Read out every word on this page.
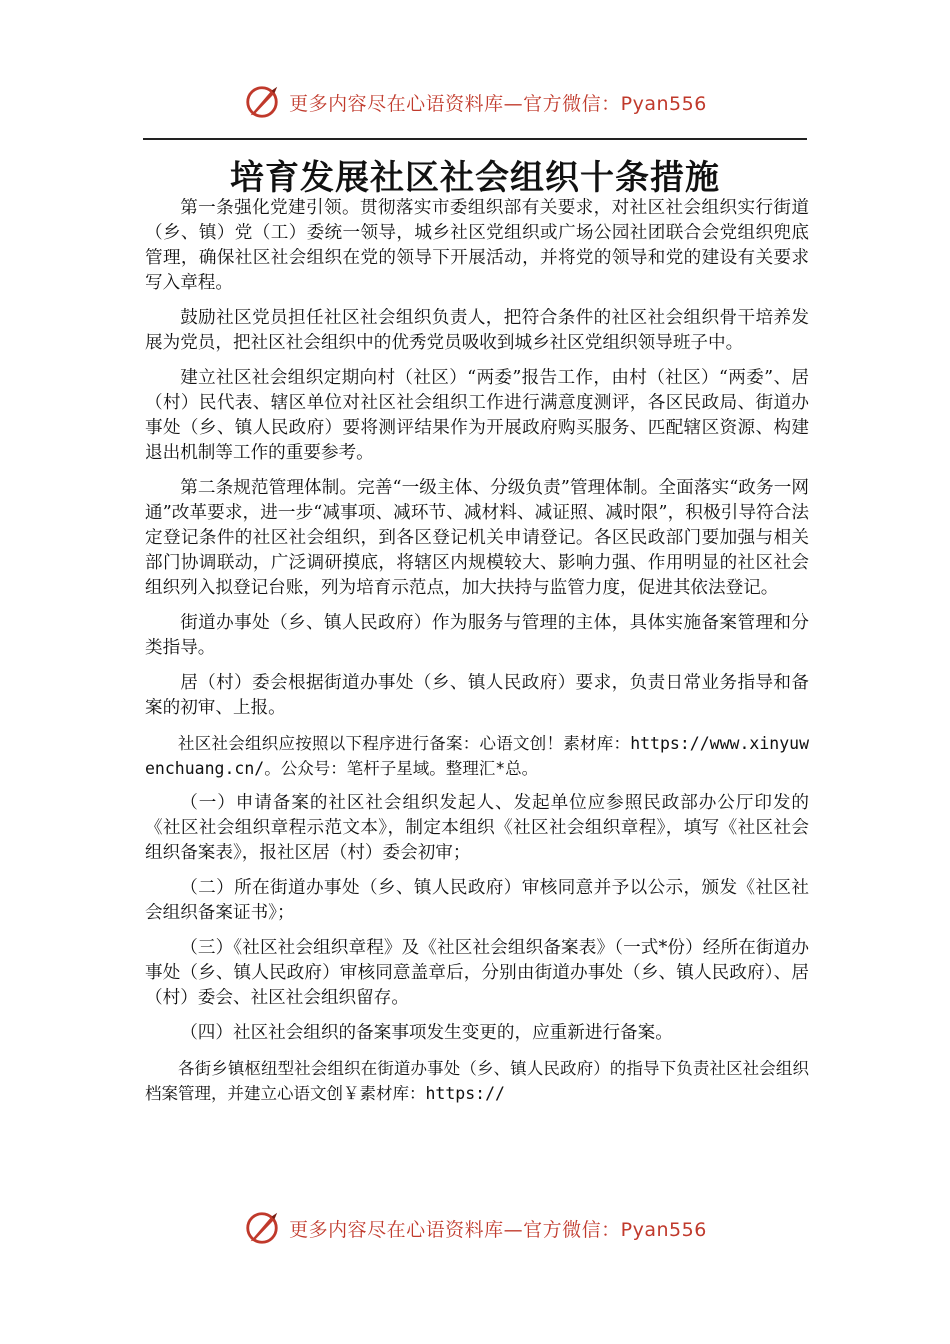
更多内容尽在心语资料库—官方微信：Pyan556
培育发展社区社会组织十条措施

第一条强化党建引领。贯彻落实市委组织部有关要求，对社区社会组织实行街道（乡、镇）党（工）委统一领导，城乡社区党组织或广场公园社团联合会党组织兜底管理，确保社区社会组织在党的领导下开展活动，并将党的领导和党的建设有关要求写入章程。

鼓励社区党员担任社区社会组织负责人，把符合条件的社区社会组织骨干培养发展为党员，把社区社会组织中的优秀党员吸收到城乡社区党组织领导班子中。

建立社区社会组织定期向村（社区）“两委”报告工作，由村（社区）“两委”、居（村）民代表、辖区单位对社区社会组织工作进行满意度测评，各区民政局、街道办事处（乡、镇人民政府）要将测评结果作为开展政府购买服务、匹配辖区资源、构建退出机制等工作的重要参考。

第二条规范管理体制。完善“一级主体、分级负责”管理体制。全面落实“政务一网通”改革要求，进一步“减事项、减环节、减材料、减证照、减时限”，积极引导符合法定登记条件的社区社会组织，到各区登记机关申请登记。各区民政部门要加强与相关部门协调联动，广泛调研摸底，将辖区内规模较大、影响力强、作用明显的社区社会组织列入拟登记台账，列为培育示范点，加大扶持与监管力度，促进其依法登记。

街道办事处（乡、镇人民政府）作为服务与管理的主体，具体实施备案管理和分类指导。

居（村）委会根据街道办事处（乡、镇人民政府）要求，负责日常业务指导和备案的初审、上报。

社区社会组织应按照以下程序进行备案：心语文创！素材库：https://www.xinyuwenchuang.cn/。公众号：笔杆子星域。整理汇*总。

（一）申请备案的社区社会组织发起人、发起单位应参照民政部办公厅印发的《社区社会组织章程示范文本》，制定本组织《社区社会组织章程》，填写《社区社会组织备案表》，报社区居（村）委会初审；

（二）所在街道办事处（乡、镇人民政府）审核同意并予以公示，颁发《社区社会组织备案证书》；

（三）《社区社会组织章程》及《社区社会组织备案表》（一式*份）经所在街道办事处（乡、镇人民政府）审核同意盖章后，分别由街道办事处（乡、镇人民政府）、居（村）委会、社区社会组织留存。

（四）社区社会组织的备案事项发生变更的，应重新进行备案。

各街乡镇枢纽型社会组织在街道办事处（乡、镇人民政府）的指导下负责社区社会组织档案管理，并建立心语文创￥素材库：https://

更多内容尽在心语资料库—官方微信：Pyan556
